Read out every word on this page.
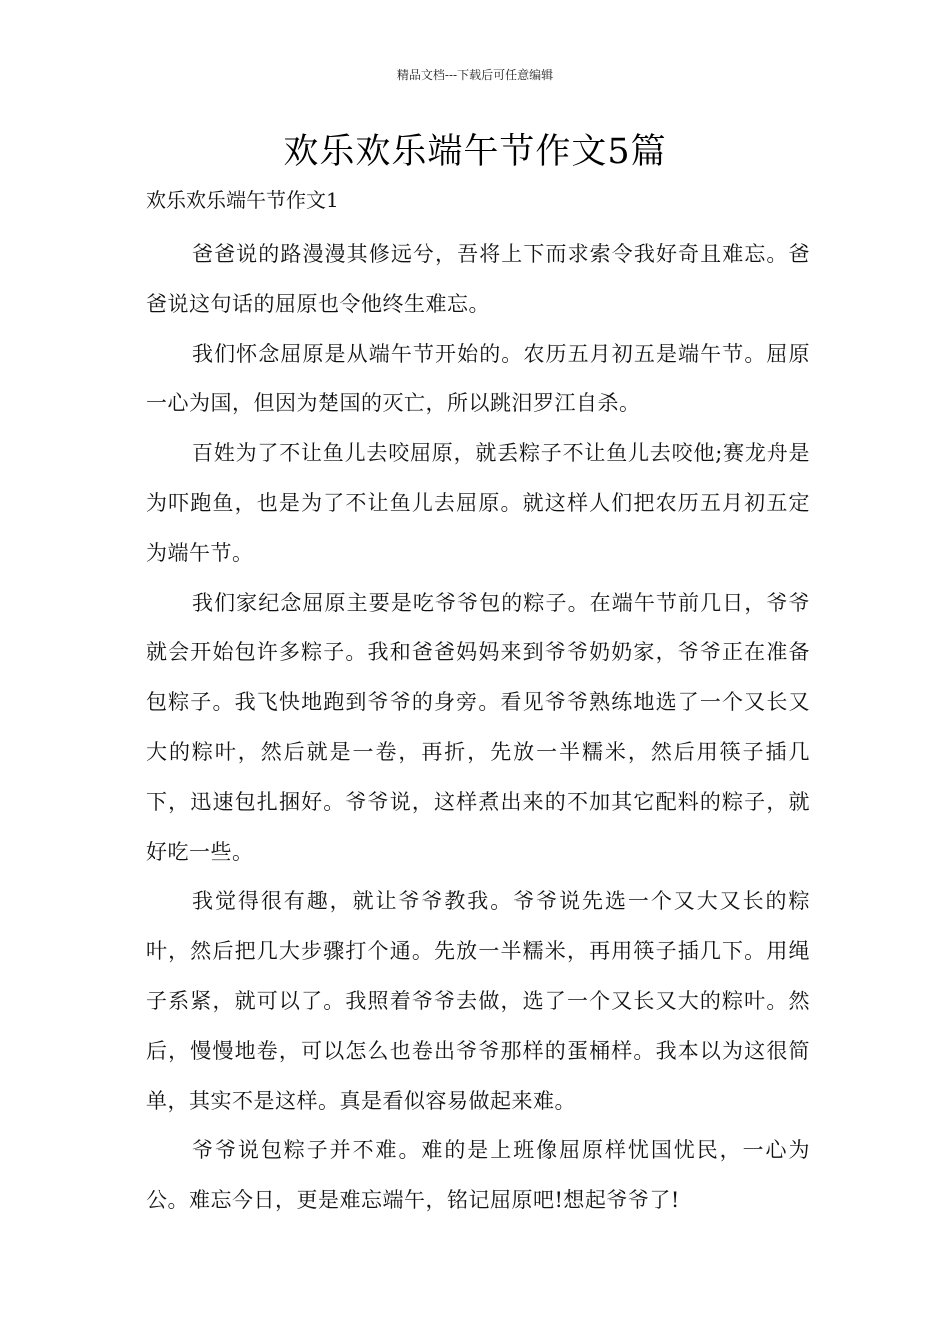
精品文档---下载后可任意编辑
欢乐欢乐端午节作文5篇
欢乐欢乐端午节作文1

爸爸说的路漫漫其修远兮，吾将上下而求索令我好奇且难忘。爸爸说这句话的屈原也令他终生难忘。

我们怀念屈原是从端午节开始的。农历五月初五是端午节。屈原一心为国，但因为楚国的灭亡，所以跳汨罗江自杀。

百姓为了不让鱼儿去咬屈原，就丢粽子不让鱼儿去咬他;赛龙舟是为吓跑鱼，也是为了不让鱼儿去屈原。就这样人们把农历五月初五定为端午节。

我们家纪念屈原主要是吃爷爷包的粽子。在端午节前几日，爷爷就会开始包许多粽子。我和爸爸妈妈来到爷爷奶奶家，爷爷正在准备包粽子。我飞快地跑到爷爷的身旁。看见爷爷熟练地选了一个又长又大的粽叶，然后就是一卷，再折，先放一半糯米，然后用筷子插几下，迅速包扎捆好。爷爷说，这样煮出来的不加其它配料的粽子，就好吃一些。

我觉得很有趣，就让爷爷教我。爷爷说先选一个又大又长的粽叶，然后把几大步骤打个通。先放一半糯米，再用筷子插几下。用绳子系紧，就可以了。我照着爷爷去做，选了一个又长又大的粽叶。然后，慢慢地卷，可以怎么也卷出爷爷那样的蛋桶样。我本以为这很简单，其实不是这样。真是看似容易做起来难。

爷爷说包粽子并不难。难的是上班像屈原样忧国忧民，一心为公。难忘今日，更是难忘端午，铭记屈原吧!想起爷爷了!
